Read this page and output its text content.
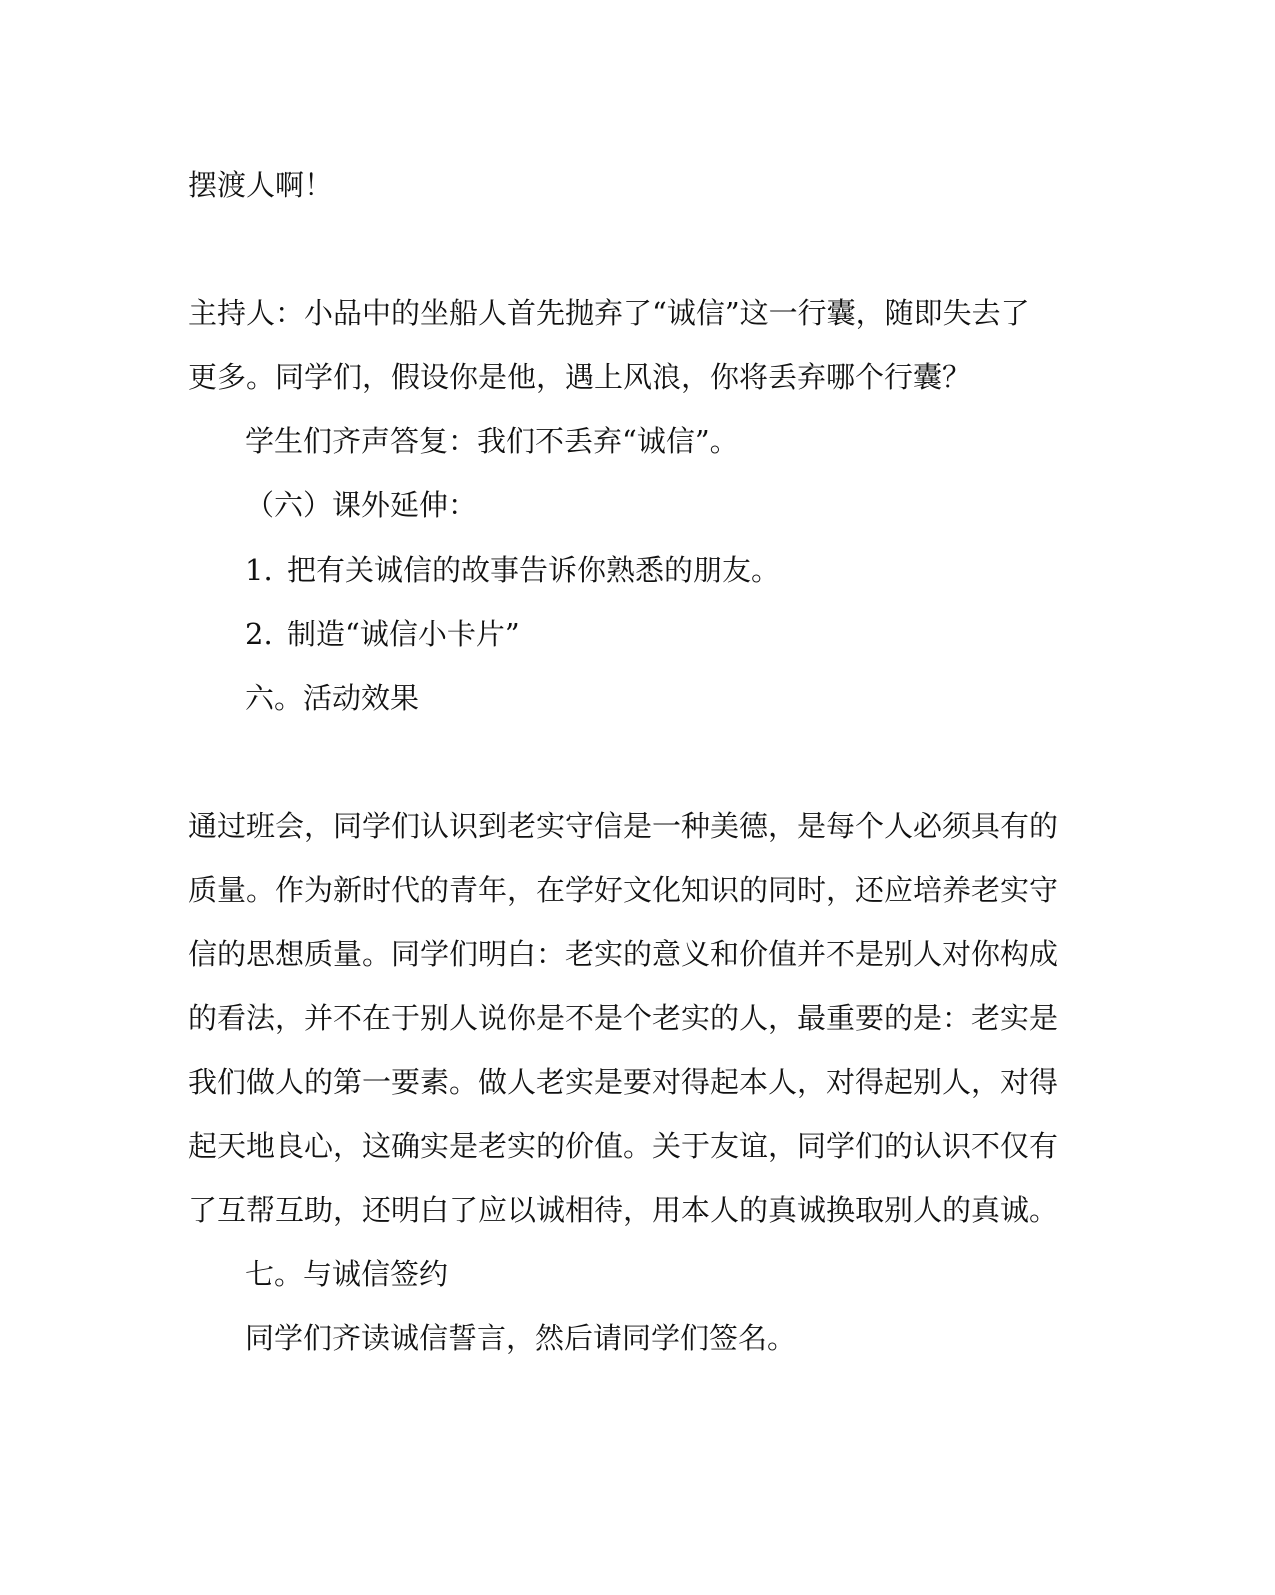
摆渡人啊！
主持人：小品中的坐船人首先抛弃了“诚信”这一行囊，随即失去了
更多。同学们，假设你是他，遇上风浪，你将丢弃哪个行囊？
学生们齐声答复：我们不丢弃“诚信”。
（六）课外延伸：
1. 把有关诚信的故事告诉你熟悉的朋友。
2. 制造“诚信小卡片”
六。活动效果
通过班会，同学们认识到老实守信是一种美德，是每个人必须具有的
质量。作为新时代的青年，在学好文化知识的同时，还应培养老实守
信的思想质量。同学们明白：老实的意义和价值并不是别人对你构成
的看法，并不在于别人说你是不是个老实的人，最重要的是：老实是
我们做人的第一要素。做人老实是要对得起本人，对得起别人，对得
起天地良心，这确实是老实的价值。关于友谊，同学们的认识不仅有
了互帮互助，还明白了应以诚相待，用本人的真诚换取别人的真诚。
七。与诚信签约
同学们齐读诚信誓言，然后请同学们签名。
